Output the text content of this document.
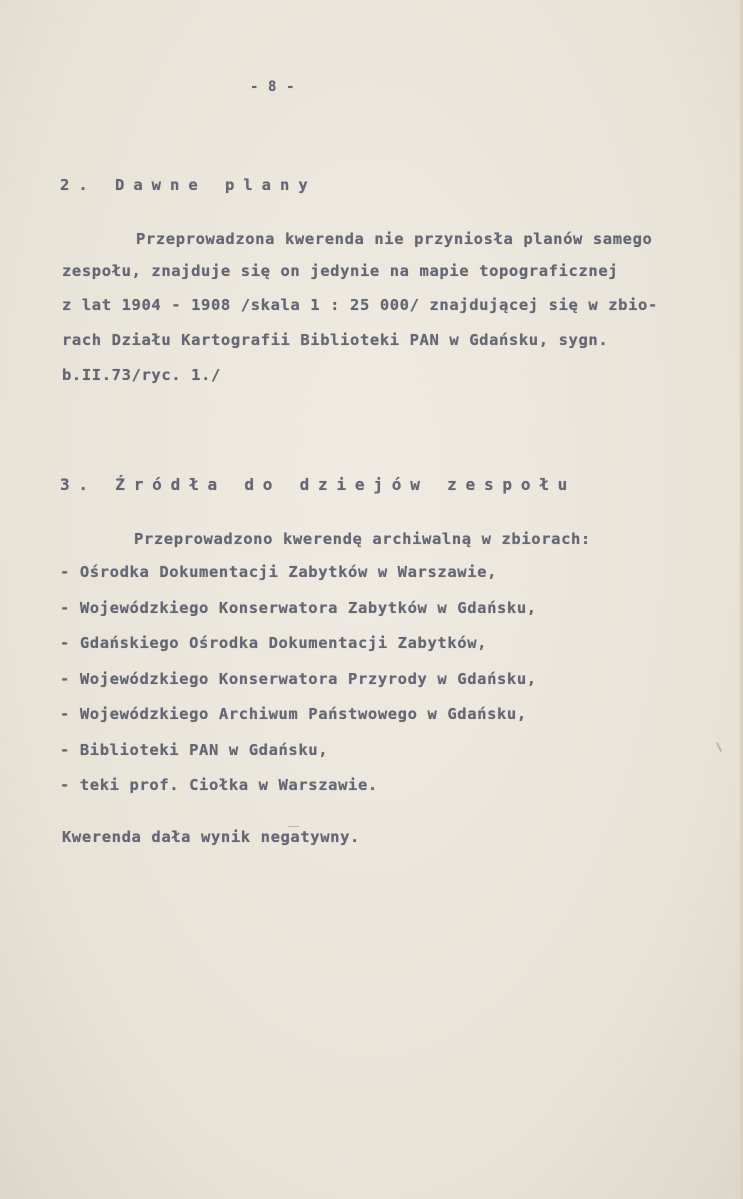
- 8 -
2. Dawne plany
Przeprowadzona kwerenda nie przyniosła planów samego
zespołu, znajduje się on jedynie na mapie topograficznej
z lat 1904 - 1908 /skala 1 : 25 000/ znajdującej się w zbio-
rach Działu Kartografii Biblioteki PAN w Gdańsku, sygn.
b.II.73/ryc. 1./
3. Źródła do dziejów zespołu
Przeprowadzono kwerendę archiwalną w zbiorach:
- Ośrodka Dokumentacji Zabytków w Warszawie,
- Wojewódzkiego Konserwatora Zabytków w Gdańsku,
- Gdańskiego Ośrodka Dokumentacji Zabytków,
- Wojewódzkiego Konserwatora Przyrody w Gdańsku,
- Wojewódzkiego Archiwum Państwowego w Gdańsku,
- Biblioteki PAN w Gdańsku,
- teki prof. Ciołka w Warszawie.
Kwerenda dała wynik negatywny.
